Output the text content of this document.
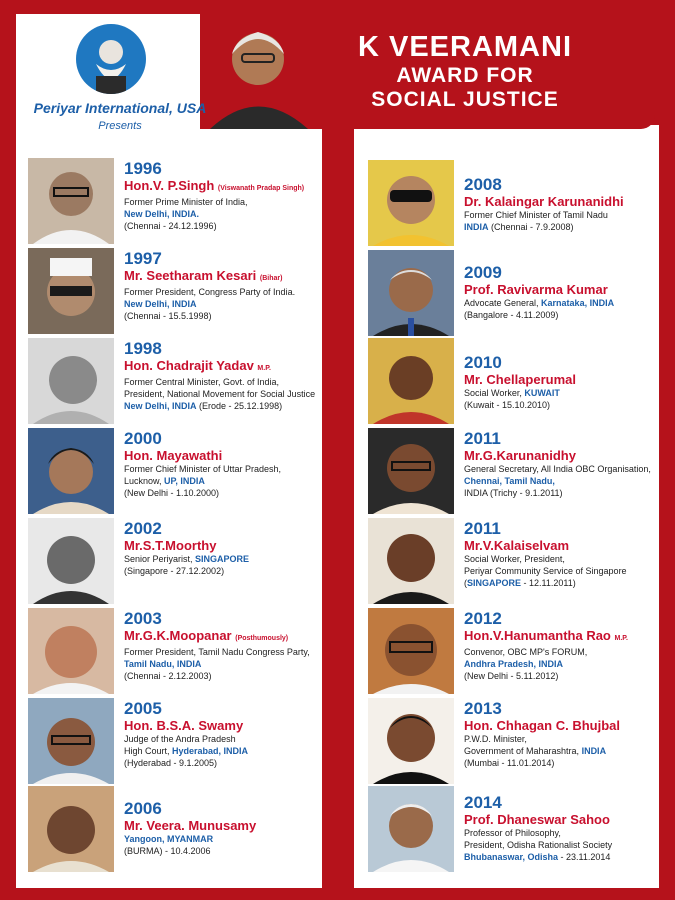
Periyar International, USA
Presents
K VEERAMANI
AWARD FOR
SOCIAL JUSTICE
1996
Hon.V. P.Singh (Viswanath Pradap Singh)
Former Prime Minister of India,
New Delhi, INDIA.
(Chennai - 24.12.1996)
1997
Mr. Seetharam Kesari (Bihar)
Former President, Congress Party of India.
New Delhi, INDIA
(Chennai - 15.5.1998)
1998
Hon. Chadrajit Yadav M.P.
Former Central Minister, Govt. of India,
President, National Movement for Social Justice
New Delhi, INDIA (Erode - 25.12.1998)
2000
Hon. Mayawathi
Former Chief Minister of Uttar Pradesh,
Lucknow, UP, INDIA
(New Delhi - 1.10.2000)
2002
Mr.S.T.Moorthy
Senior Periyarist, SINGAPORE
(Singapore - 27.12.2002)
2003
Mr.G.K.Moopanar (Posthumously)
Former President, Tamil Nadu Congress Party,
Tamil Nadu, INDIA
(Chennai - 2.12.2003)
2005
Hon. B.S.A. Swamy
Judge of the Andra Pradesh
High Court, Hyderabad, INDIA
(Hyderabad - 9.1.2005)
2006
Mr. Veera. Munusamy
Yangoon, MYANMAR
(BURMA) - 10.4.2006
2008
Dr. Kalaingar Karunanidhi
Former Chief Minister of Tamil Nadu
INDIA (Chennai - 7.9.2008)
2009
Prof. Ravivarma Kumar
Advocate General, Karnataka, INDIA
(Bangalore - 4.11.2009)
2010
Mr. Chellaperumal
Social Worker, KUWAIT
(Kuwait - 15.10.2010)
2011
Mr.G.Karunanidhy
General Secretary, All India OBC Organisation,
Chennai, Tamil Nadu,
INDIA (Trichy - 9.1.2011)
2011
Mr.V.Kalaiselvam
Social Worker, President,
Periyar Community Service of Singapore
(SINGAPORE - 12.11.2011)
2012
Hon.V.Hanumantha Rao M.P.
Convenor, OBC MP's FORUM,
Andhra Pradesh, INDIA
(New Delhi - 5.11.2012)
2013
Hon. Chhagan C. Bhujbal
P.W.D. Minister,
Government of Maharashtra, INDIA
(Mumbai - 11.01.2014)
2014
Prof. Dhaneswar Sahoo
Professor of Philosophy,
President, Odisha Rationalist Society
Bhubanaswar, Odisha - 23.11.2014
